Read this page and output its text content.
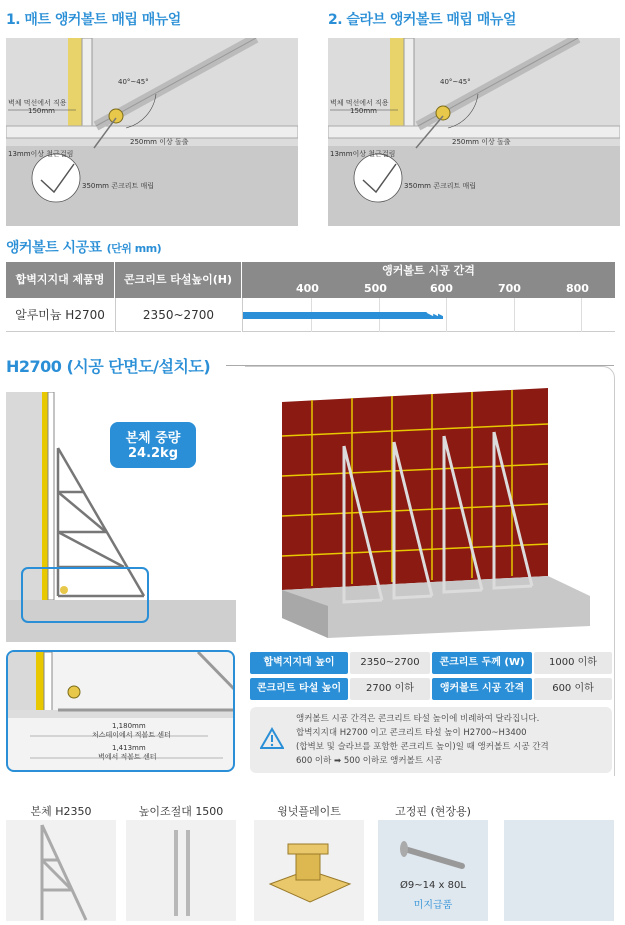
1. 매트 앵커볼트 매립 매뉴얼
40°~45°
벽체 먹선에서 직용
150mm
250mm 이상 돌출
13mm이상 철근걸림
350mm 콘크리트 매립
2. 슬라브 앵커볼트 매립 매뉴얼
40°~45°
벽체 먹선에서 직용
150mm
250mm 이상 돌출
13mm이상 철근걸림
350mm 콘크리트 매립
앵커볼트 시공표 (단위 mm)
합벽지지대 제품명	콘크리트 타설높이(H)
앵커볼트 시공 간격
400	500	600	700	800
알루미늄 H2700	2350~2700	◀◀◀
H2700 (시공 단면도/설치도)
본체 중량
24.2kg
1,180mm
처스테이에서 적볼트 센터
1,413mm
벽에서 적볼트 센터
합벽지지대 높이	2350~2700	콘크리트 두께 (W)	1000 이하
콘크리트 타설 높이	2700 이하	앵커볼트 시공 간격	600 이하
앵커볼트 시공 간격은 콘크리트 타설 높이에 비례하여 달라집니다.
합벽지지대 H2700 이고 콘크리트 타설 높이 H2700~H3400
(합벽보 및 슬라브를 포함한 콘크리트 높이)일 때 앵커볼트 시공 간격
600 이하 ➡ 500 이하로 앵커볼트 시공
본체 H2350	높이조절대 1500	윙넛플레이트	고정핀 (현장용)
Ø9~14 x 80L
미지급품
